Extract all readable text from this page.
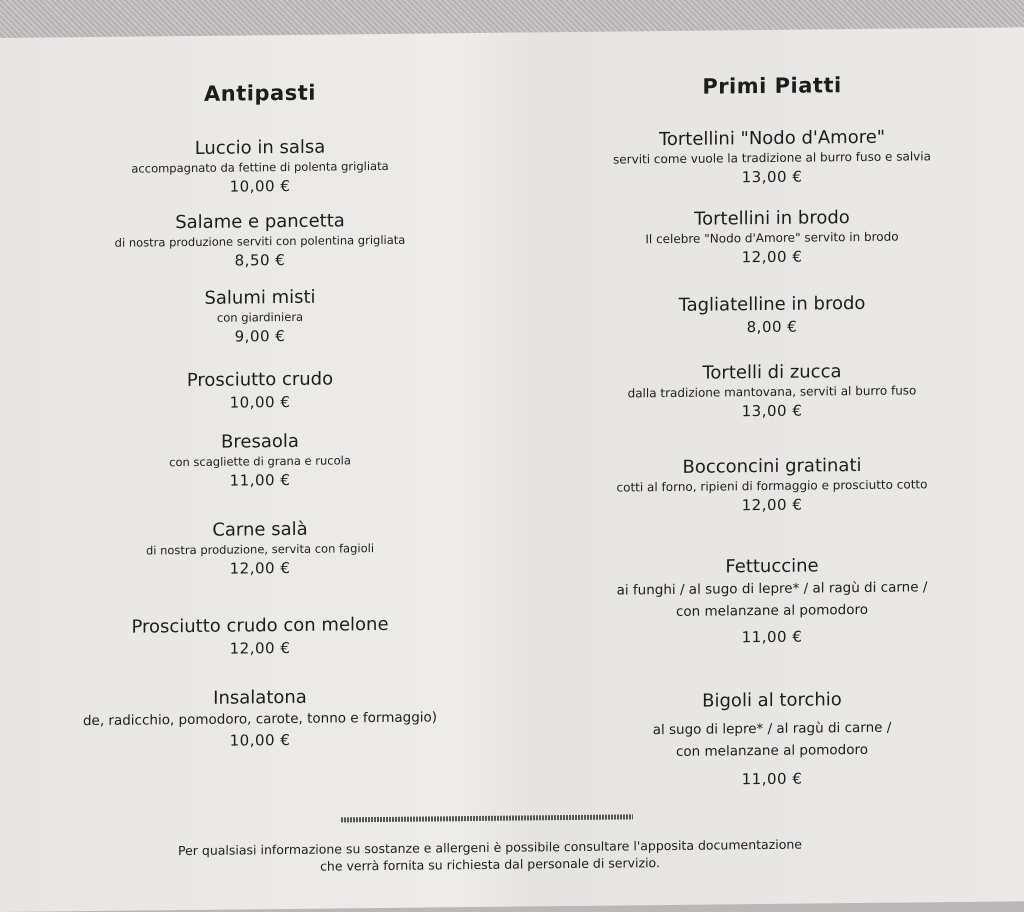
Antipasti
Luccio in salsa
accompagnato da fettine di polenta grigliata
10,00 €
Salame e pancetta
di nostra produzione serviti con polentina grigliata
8,50 €
Salumi misti
con giardiniera
9,00 €
Prosciutto crudo
10,00 €
Bresaola
con scagliette di grana e rucola
11,00 €
Carne salà
di nostra produzione, servita con fagioli
12,00 €
Prosciutto crudo con melone
12,00 €
Insalatona
de, radicchio, pomodoro, carote, tonno e formaggio)
10,00 €
Primi Piatti
Tortellini "Nodo d'Amore"
serviti come vuole la tradizione al burro fuso e salvia
13,00 €
Tortellini in brodo
Il celebre "Nodo d'Amore" servito in brodo
12,00 €
Tagliatelline in brodo
8,00 €
Tortelli di zucca
dalla tradizione mantovana, serviti al burro fuso
13,00 €
Bocconcini gratinati
cotti al forno, ripieni di formaggio e prosciutto cotto
12,00 €
Fettuccine
ai funghi / al sugo di lepre* / al ragù di carne /
con melanzane al pomodoro
11,00 €
Bigoli al torchio
al sugo di lepre* / al ragù di carne /
con melanzane al pomodoro
11,00 €
Per qualsiasi informazione su sostanze e allergeni è possibile consultare l'apposita documentazione
che verrà fornita su richiesta dal personale di servizio.
